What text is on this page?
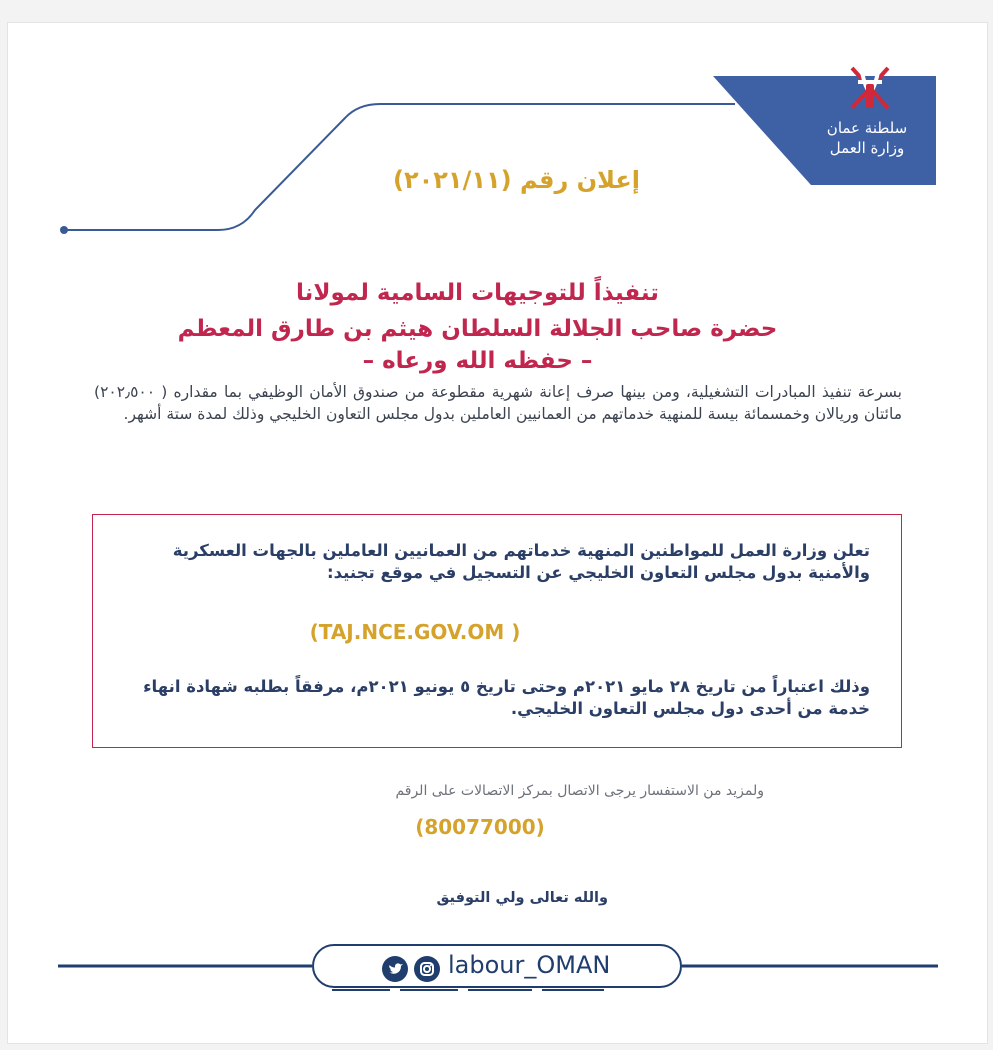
سلطنة عمان
وزارة العمل
إعلان رقم (٢٠٢١/١١)
تنفيذاً للتوجيهات السامية لمولانا
حضرة صاحب الجلالة السلطان هيثم بن طارق المعظم
– حفظه الله ورعاه –
بسرعة تنفيذ المبادرات التشغيلية، ومن بينها صرف إعانة شهرية مقطوعة من صندوق الأمان الوظيفي بما مقداره ( ٢٠٢٫٥٠٠) مائتان وريالان وخمسمائة بيسة للمنهية خدماتهم من العمانيين العاملين بدول مجلس التعاون الخليجي وذلك لمدة ستة أشهر.
تعلن وزارة العمل للمواطنين المنهية خدماتهم من العمانيين العاملين بالجهات العسكرية والأمنية بدول مجلس التعاون الخليجي عن التسجيل في موقع تجنيد:
(TAJ.NCE.GOV.OM )
وذلك اعتباراً من تاريخ ٢٨ مايو ٢٠٢١م وحتى تاريخ ٥ يونيو ٢٠٢١م، مرفقاً بطلبه شهادة انهاء خدمة من أحدى دول مجلس التعاون الخليجي.
ولمزيد من الاستفسار يرجى الاتصال بمركز الاتصالات على الرقم
(80077000)
والله تعالى ولي التوفيق
labour_OMAN
